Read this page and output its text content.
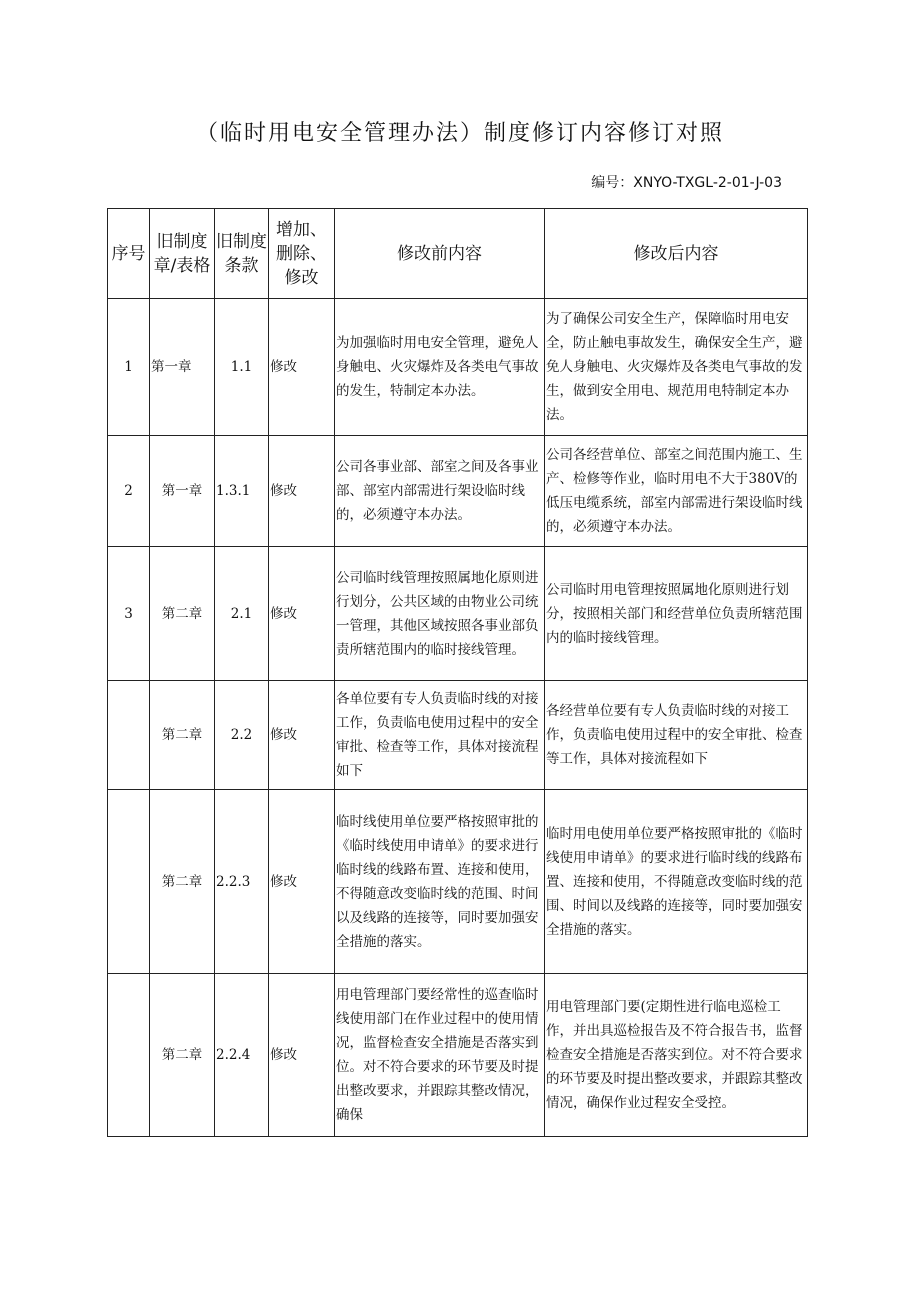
（临时用电安全管理办法）制度修订内容修订对照
编号：XNYO-TXGL-2-01-J-03
序号	旧制度章/表格	旧制度条款	增加、删除、修改	修改前内容	修改后内容
1	第一章	1.1	修改	为加强临时用电安全管理，避免人身触电、火灾爆炸及各类电气事故的发生，特制定本办法。	为了确保公司安全生产，保障临时用电安全，防止触电事故发生，确保安全生产，避免人身触电、火灾爆炸及各类电气事故的发生，做到安全用电、规范用电特制定本办法。
2	第一章	1.3.1	修改	公司各事业部、部室之间及各事业部、部室内部需进行架设临时线的，必须遵守本办法。	公司各经营单位、部室之间范围内施工、生产、检修等作业，临时用电不大于380V的低压电缆系统，部室内部需进行架设临时线的，必须遵守本办法。
3	第二章	2.1	修改	公司临时线管理按照属地化原则进行划分，公共区域的由物业公司统一管理，其他区域按照各事业部负责所辖范围内的临时接线管理。	公司临时用电管理按照属地化原则进行划分，按照相关部门和经营单位负责所辖范围内的临时接线管理。
	第二章	2.2	修改	各单位要有专人负责临时线的对接工作，负责临电使用过程中的安全审批、检查等工作，具体对接流程如下	各经营单位要有专人负责临时线的对接工作，负责临电使用过程中的安全审批、检查等工作，具体对接流程如下
	第二章	2.2.3	修改	临时线使用单位要严格按照审批的《临时线使用申请单》的要求进行临时线的线路布置、连接和使用，不得随意改变临时线的范围、时间以及线路的连接等，同时要加强安全措施的落实。	临时用电使用单位要严格按照审批的《临时线使用申请单》的要求进行临时线的线路布置、连接和使用，不得随意改变临时线的范围、时间以及线路的连接等，同时要加强安全措施的落实。
	第二章	2.2.4	修改	用电管理部门要经常性的巡查临时线使用部门在作业过程中的使用情况，监督检查安全措施是否落实到位。对不符合要求的环节要及时提出整改要求，并跟踪其整改情况，确保	用电管理部门要(定期性进行临电巡检工作，并出具巡检报告及不符合报告书，监督检查安全措施是否落实到位。对不符合要求的环节要及时提出整改要求，并跟踪其整改情况，确保作业过程安全受控。
